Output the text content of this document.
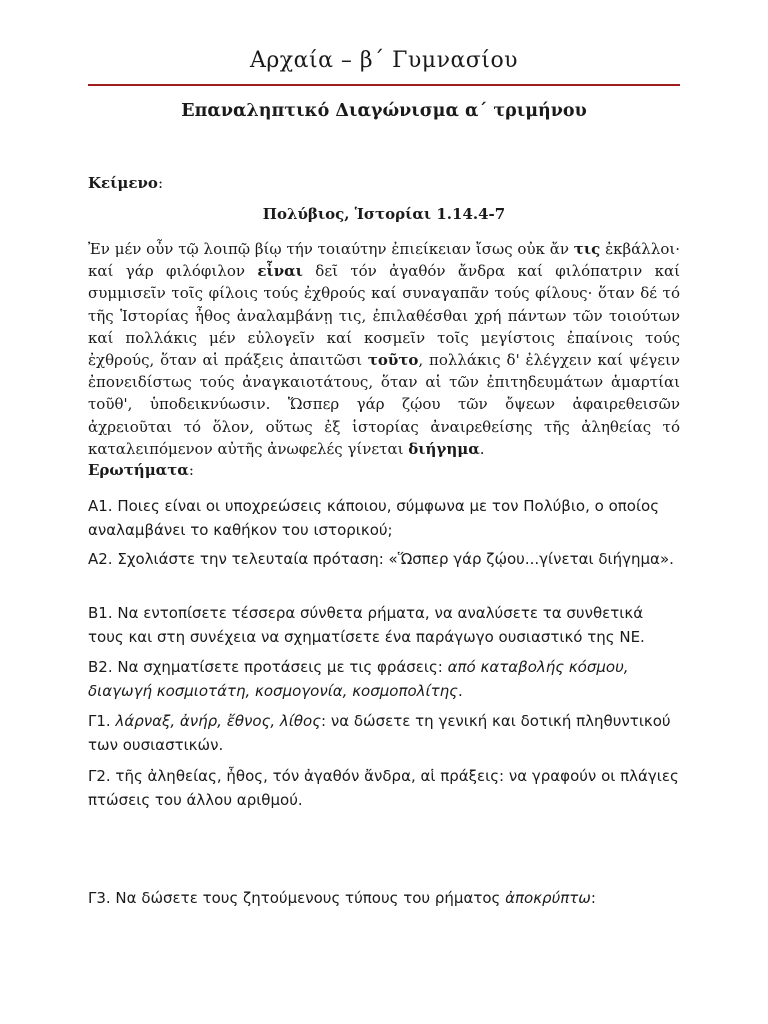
Αρχαία – β΄ Γυμνασίου
Επαναληπτικό Διαγώνισμα α΄ τριμήνου
Κείμενο:
Πολύβιος, Ἱστορίαι 1.14.4-7
Ἐν μέν οὖν τῷ λοιπῷ βίῳ τήν τοιαύτην ἐπιείκειαν ἴσως οὐκ ἄν τις ἐκβάλλοι· καί γάρ φιλόφιλον εἶναι δεῖ τόν ἀγαθόν ἄνδρα καί φιλόπατριν καί συμμισεῖν τοῖς φίλοις τούς ἐχθρούς καί συναγαπᾶν τούς φίλους· ὅταν δέ τό τῆς Ἱστορίας ἦθος ἀναλαμβάνῃ τις, ἐπιλαθέσθαι χρή πάντων τῶν τοιούτων καί πολλάκις μέν εὐλογεῖν καί κοσμεῖν τοῖς μεγίστοις ἐπαίνοις τούς ἐχθρούς, ὅταν αἱ πράξεις ἀπαιτῶσι τοῦτο, πολλάκις δ' ἐλέγχειν καί ψέγειν ἐπονειδίστως τούς ἀναγκαιοτάτους, ὅταν αἱ τῶν ἐπιτηδευμάτων ἁμαρτίαι τοῦθ', ὑποδεικνύωσιν. Ὥσπερ γάρ ζῴου τῶν ὄψεων ἀφαιρεθεισῶν ἀχρειοῦται τό ὅλον, οὕτως ἐξ ἱστορίας ἀναιρεθείσης τῆς ἀληθείας τό καταλειπόμενον αὐτῆς ἀνωφελές γίνεται διήγημα.
Ερωτήματα:
Α1. Ποιες είναι οι υποχρεώσεις κάποιου, σύμφωνα με τον Πολύβιο, ο οποίος αναλαμβάνει το καθήκον του ιστορικού;
Α2. Σχολιάστε την τελευταία πρόταση: «Ὥσπερ γάρ ζῴου...γίνεται διήγημα».
Β1. Να εντοπίσετε τέσσερα σύνθετα ρήματα, να αναλύσετε τα συνθετικά τους και στη συνέχεια να σχηματίσετε ένα παράγωγο ουσιαστικό της ΝΕ.
Β2. Να σχηματίσετε προτάσεις με τις φράσεις: από καταβολής κόσμου, διαγωγή κοσμιοτάτη, κοσμογονία, κοσμοπολίτης.
Γ1. λάρναξ, ἀνήρ, ἔθνος, λίθος: να δώσετε τη γενική και δοτική πληθυντικού των ουσιαστικών.
Γ2. τῆς ἀληθείας, ἦθος, τόν ἀγαθόν ἄνδρα, αἱ πράξεις: να γραφούν οι πλάγιες πτώσεις του άλλου αριθμού.
Γ3. Να δώσετε τους ζητούμενους τύπους του ρήματος ἀποκρύπτω:
